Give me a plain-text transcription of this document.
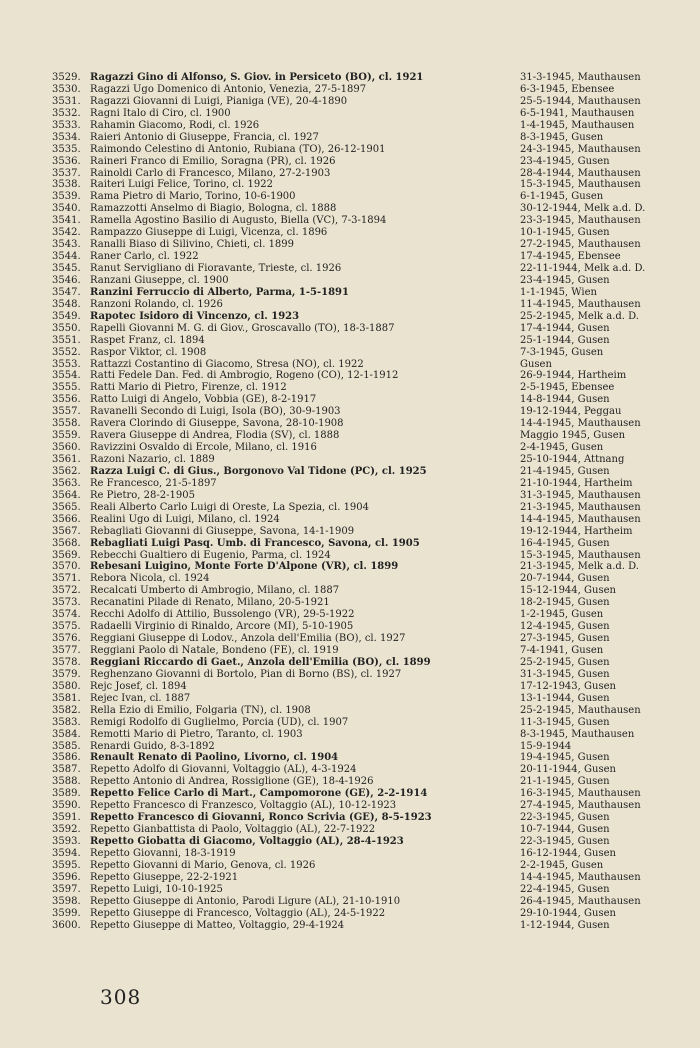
3529. Ragazzi Gino di Alfonso, S. Giov. in Persiceto (BO), cl. 1921	31-3-1945, Mauthausen
3530. Ragazzi Ugo Domenico di Antonio, Venezia, 27-5-1897	6-3-1945, Ebensee
3531. Ragazzi Giovanni di Luigi, Pianiga (VE), 20-4-1890	25-5-1944, Mauthausen
3532. Ragni Italo di Ciro, cl. 1900	6-5-1941, Mauthausen
3533. Rahamin Giacomo, Rodi, cl. 1926	1-4-1945, Mauthausen
3534. Raieri Antonio di Giuseppe, Francia, cl. 1927	8-3-1945, Gusen
3535. Raimondo Celestino di Antonio, Rubiana (TO), 26-12-1901	24-3-1945, Mauthausen
3536. Raineri Franco di Emilio, Soragna (PR), cl. 1926	23-4-1945, Gusen
3537. Rainoldi Carlo di Francesco, Milano, 27-2-1903	28-4-1944, Mauthausen
3538. Raiteri Luigi Felice, Torino, cl. 1922	15-3-1945, Mauthausen
3539. Rama Pietro di Mario, Torino, 10-6-1900	6-1-1945, Gusen
3540. Ramazzotti Anselmo di Biagio, Bologna, cl. 1888	30-12-1944, Melk a.d. D.
3541. Ramella Agostino Basilio di Augusto, Biella (VC), 7-3-1894	23-3-1945, Mauthausen
3542. Rampazzo Giuseppe di Luigi, Vicenza, cl. 1896	10-1-1945, Gusen
3543. Ranalli Biaso di Silivino, Chieti, cl. 1899	27-2-1945, Mauthausen
3544. Raner Carlo, cl. 1922	17-4-1945, Ebensee
3545. Ranut Servigliano di Fioravante, Trieste, cl. 1926	22-11-1944, Melk a.d. D.
3546. Ranzani Giuseppe, cl. 1900	23-4-1945, Gusen
3547. Ranzini Ferruccio di Alberto, Parma, 1-5-1891	1-1-1945, Wien
3548. Ranzoni Rolando, cl. 1926	11-4-1945, Mauthausen
3549. Rapotec Isidoro di Vincenzo, cl. 1923	25-2-1945, Melk a.d. D.
3550. Rapelli Giovanni M. G. di Giov., Groscavallo (TO), 18-3-1887	17-4-1944, Gusen
3551. Raspet Franz, cl. 1894	25-1-1944, Gusen
3552. Raspor Viktor, cl. 1908	7-3-1945, Gusen
3553. Rattazzi Costantino di Giacomo, Stresa (NO), cl. 1922	Gusen
3554. Ratti Fedele Dan. Fed. di Ambrogio, Rogeno (CO), 12-1-1912	26-9-1944, Hartheim
3555. Ratti Mario di Pietro, Firenze, cl. 1912	2-5-1945, Ebensee
3556. Ratto Luigi di Angelo, Vobbia (GE), 8-2-1917	14-8-1944, Gusen
3557. Ravanelli Secondo di Luigi, Isola (BO), 30-9-1903	19-12-1944, Peggau
3558. Ravera Clorindo di Giuseppe, Savona, 28-10-1908	14-4-1945, Mauthausen
3559. Ravera Giuseppe di Andrea, Flodia (SV), cl. 1888	Maggio 1945, Gusen
3560. Ravizzini Osvaldo di Ercole, Milano, cl. 1916	2-4-1945, Gusen
3561. Razoni Nazario, cl. 1889	25-10-1944, Attnang
3562. Razza Luigi C. di Gius., Borgonovo Val Tidone (PC), cl. 1925	21-4-1945, Gusen
3563. Re Francesco, 21-5-1897	21-10-1944, Hartheim
3564. Re Pietro, 28-2-1905	31-3-1945, Mauthausen
3565. Reali Alberto Carlo Luigi di Oreste, La Spezia, cl. 1904	21-3-1945, Mauthausen
3566. Realini Ugo di Luigi, Milano, cl. 1924	14-4-1945, Mauthausen
3567. Rebagliati Giovanni di Giuseppe, Savona, 14-1-1909	19-12-1944, Hartheim
3568. Rebagliati Luigi Pasq. Umb. di Francesco, Savona, cl. 1905	16-4-1945, Gusen
3569. Rebecchi Gualtiero di Eugenio, Parma, cl. 1924	15-3-1945, Mauthausen
3570. Rebesani Luigino, Monte Forte D'Alpone (VR), cl. 1899	21-3-1945, Melk a.d. D.
3571. Rebora Nicola, cl. 1924	20-7-1944, Gusen
3572. Recalcati Umberto di Ambrogio, Milano, cl. 1887	15-12-1944, Gusen
3573. Recanatini Pilade di Renato, Milano, 20-5-1921	18-2-1945, Gusen
3574. Recchi Adolfo di Attilio, Bussolengo (VR), 29-5-1922	1-2-1945, Gusen
3575. Radaelli Virginio di Rinaldo, Arcore (MI), 5-10-1905	12-4-1945, Gusen
3576. Reggiani Giuseppe di Lodov., Anzola dell'Emilia (BO), cl. 1927	27-3-1945, Gusen
3577. Reggiani Paolo di Natale, Bondeno (FE), cl. 1919	7-4-1941, Gusen
3578. Reggiani Riccardo di Gaet., Anzola dell'Emilia (BO), cl. 1899	25-2-1945, Gusen
3579. Reghenzano Giovanni di Bortolo, Pian di Borno (BS), cl. 1927	31-3-1945, Gusen
3580. Rejc Josef, cl. 1894	17-12-1943, Gusen
3581. Rejec Ivan, cl. 1887	13-1-1944, Gusen
3582. Rella Ezio di Emilio, Folgaria (TN), cl. 1908	25-2-1945, Mauthausen
3583. Remigi Rodolfo di Guglielmo, Porcia (UD), cl. 1907	11-3-1945, Gusen
3584. Remotti Mario di Pietro, Taranto, cl. 1903	8-3-1945, Mauthausen
3585. Renardi Guido, 8-3-1892	15-9-1944
3586. Renault Renato di Paolino, Livorno, cl. 1904	19-4-1945, Gusen
3587. Repetto Adolfo di Giovanni, Voltaggio (AL), 4-3-1924	20-11-1944, Gusen
3588. Repetto Antonio di Andrea, Rossiglione (GE), 18-4-1926	21-1-1945, Gusen
3589. Repetto Felice Carlo di Mart., Campomorone (GE), 2-2-1914	16-3-1945, Mauthausen
3590. Repetto Francesco di Franzesco, Voltaggio (AL), 10-12-1923	27-4-1945, Mauthausen
3591. Repetto Francesco di Giovanni, Ronco Scrivia (GE), 8-5-1923	22-3-1945, Gusen
3592. Repetto Gianbattista di Paolo, Voltaggio (AL), 22-7-1922	10-7-1944, Gusen
3593. Repetto Giobatta di Giacomo, Voltaggio (AL), 28-4-1923	22-3-1945, Gusen
3594. Repetto Giovanni, 18-3-1919	16-12-1944, Gusen
3595. Repetto Giovanni di Mario, Genova, cl. 1926	2-2-1945, Gusen
3596. Repetto Giuseppe, 22-2-1921	14-4-1945, Mauthausen
3597. Repetto Luigi, 10-10-1925	22-4-1945, Gusen
3598. Repetto Giuseppe di Antonio, Parodi Ligure (AL), 21-10-1910	26-4-1945, Mauthausen
3599. Repetto Giuseppe di Francesco, Voltaggio (AL), 24-5-1922	29-10-1944, Gusen
3600. Repetto Giuseppe di Matteo, Voltaggio, 29-4-1924	1-12-1944, Gusen
308
